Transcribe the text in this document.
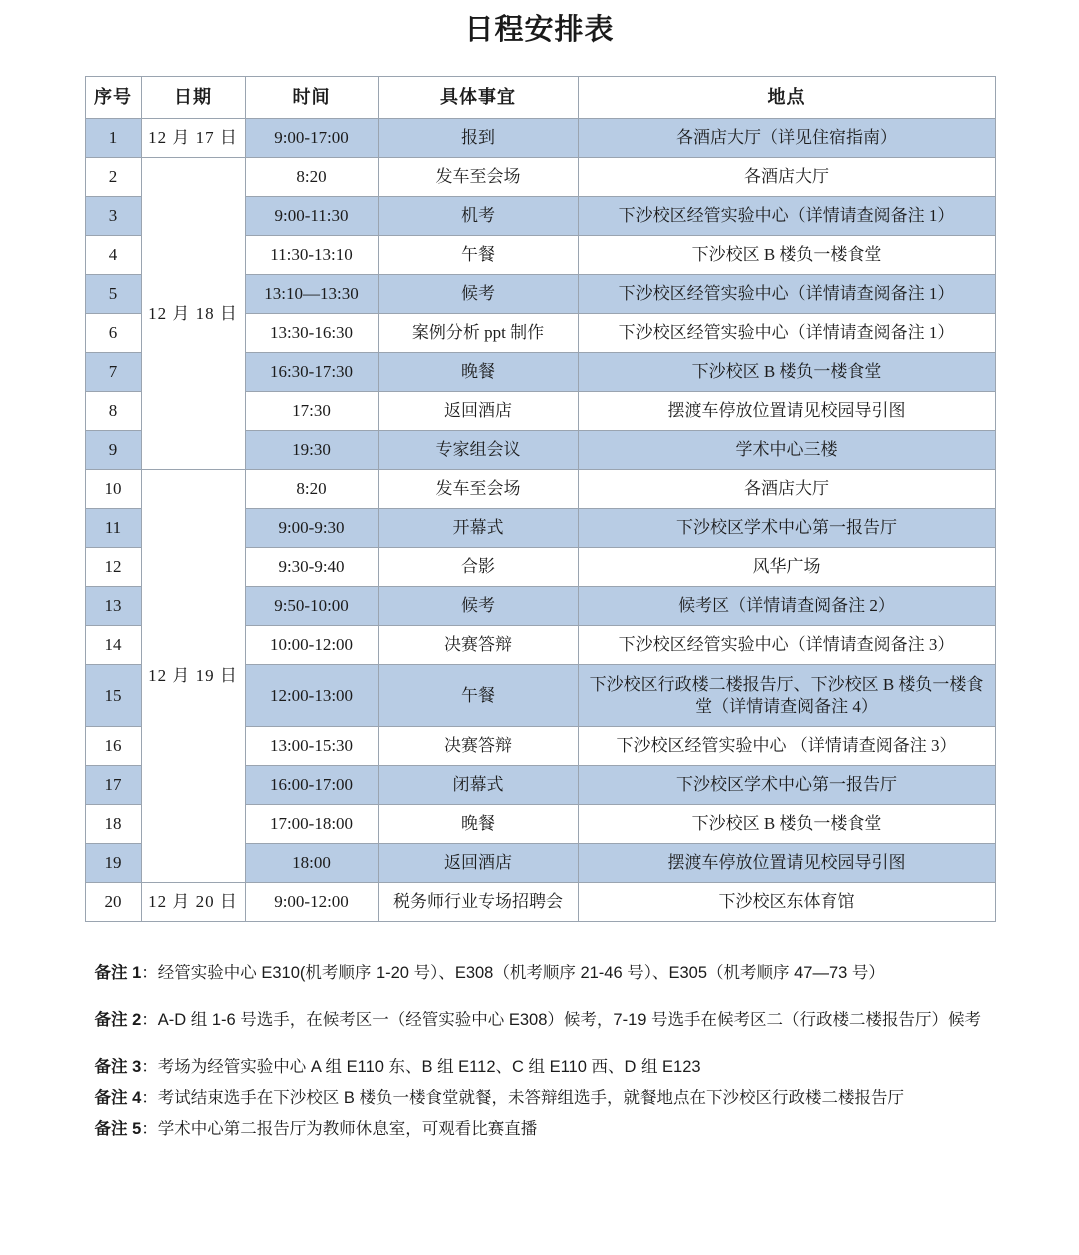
日程安排表
序号	日期	时间	具体事宜	地点
1	12 月 17 日	9:00-17:00	报到	各酒店大厅（详见住宿指南）
2	12 月 18 日	8:20	发车至会场	各酒店大厅
3		9:00-11:30	机考	下沙校区经管实验中心（详情请查阅备注 1）
4		11:30-13:10	午餐	下沙校区 B 楼负一楼食堂
5		13:10—13:30	候考	下沙校区经管实验中心（详情请查阅备注 1）
6		13:30-16:30	案例分析 ppt 制作	下沙校区经管实验中心（详情请查阅备注 1）
7		16:30-17:30	晚餐	下沙校区 B 楼负一楼食堂
8		17:30	返回酒店	摆渡车停放位置请见校园导引图
9		19:30	专家组会议	学术中心三楼
10	12 月 19 日	8:20	发车至会场	各酒店大厅
11		9:00-9:30	开幕式	下沙校区学术中心第一报告厅
12		9:30-9:40	合影	风华广场
13		9:50-10:00	候考	候考区（详情请查阅备注 2）
14		10:00-12:00	决赛答辩	下沙校区经管实验中心（详情请查阅备注 3）
15		12:00-13:00	午餐	下沙校区行政楼二楼报告厅、下沙校区 B 楼负一楼食堂（详情请查阅备注 4）
16		13:00-15:30	决赛答辩	下沙校区经管实验中心 （详情请查阅备注 3）
17		16:00-17:00	闭幕式	下沙校区学术中心第一报告厅
18		17:00-18:00	晚餐	下沙校区 B 楼负一楼食堂
19		18:00	返回酒店	摆渡车停放位置请见校园导引图
20	12 月 20 日	9:00-12:00	税务师行业专场招聘会	下沙校区东体育馆

备注 1：经管实验中心 E310(机考顺序 1-20 号）、E308（机考顺序 21-46 号）、E305（机考顺序 47—73 号）

备注 2：A-D 组 1-6 号选手，在候考区一（经管实验中心 E308）候考，7-19 号选手在候考区二（行政楼二楼报告厅）候考

备注 3：考场为经管实验中心 A 组 E110 东、B 组 E112、C 组 E110 西、D 组 E123

备注 4：考试结束选手在下沙校区 B 楼负一楼食堂就餐，未答辩组选手，就餐地点在下沙校区行政楼二楼报告厅

备注 5：学术中心第二报告厅为教师休息室，可观看比赛直播
